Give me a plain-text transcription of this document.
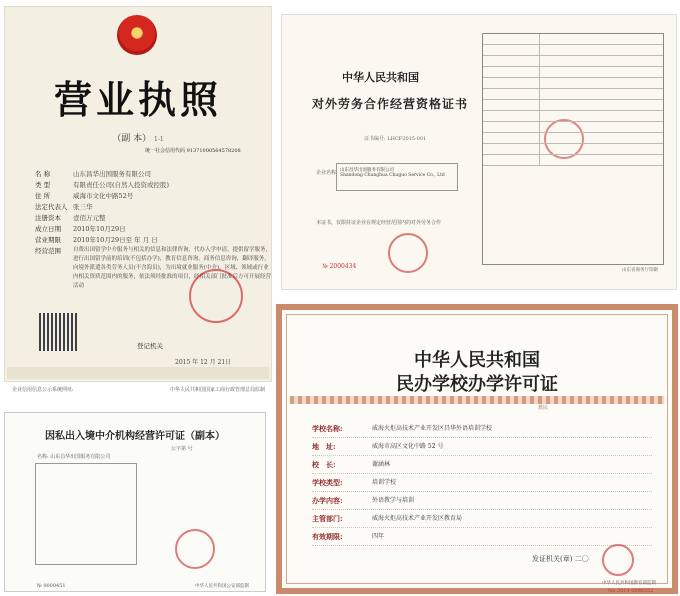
营业执照
（副 本） 1-1
统一社会信用代码 91371000564578208
名 称	山东昌华出国服务有限公司
类 型	有限责任公司(自然人投资或控股)
住 所	威海市文化中路52号
法定代表人 张三华
注册资本	壹佰万元整
成立日期	2010年10月29日
营业期限	2010年10月29日至 年 月 日
经营范围	自费出国留学中介服务与相关的信息和法律咨询，代办入学申请、提供留学服务，进行出国留学前的培训(不包括办学)，教育信息咨询，商务信息咨询，翻译服务，向境外派遣各类劳务人员(不含海员)，为出境就业服务(中介)，区域、领域或行业内相关资质范围内的服务，依法须经批准的项目，经相关部门批准后方可开展经营活动
登记机关
2015 年 12 月 21日
企业信用信息公示系统网址:	中华人民共和国国家工商行政管理总局监制
中华人民共和国
对外劳务合作经营资格证书
证书编号: LHCF2015-001
企业名称 山东昌华出国服务有限公司
Shandong Changhua Chuguo Service Co., Ltd
本证书，仅限持证企业在规定经营范围内的对外劳务合作
№ 2000434
山东省商务厅印制
因私出入境中介机构经营许可证（副本）
公字第 号
名称: 山东昌华出国服务有限公司
№ 0000451	中华人民共和国公安部监制
中华人民共和国
民办学校办学许可证
教民
学校名称:	威海火炬高技术产业开发区昌华外语培训学校
地　址:	威海市高区文化中路 52 号
校　长:	谢涵林
学校类型:	培训学校
办学内容:	外语教学与培训
主管部门:	威海火炬高技术产业开发区教育局
有效期限:	四年
发证机关(章) 二〇
中华人民共和国教育部监制
No.2014 0088352
